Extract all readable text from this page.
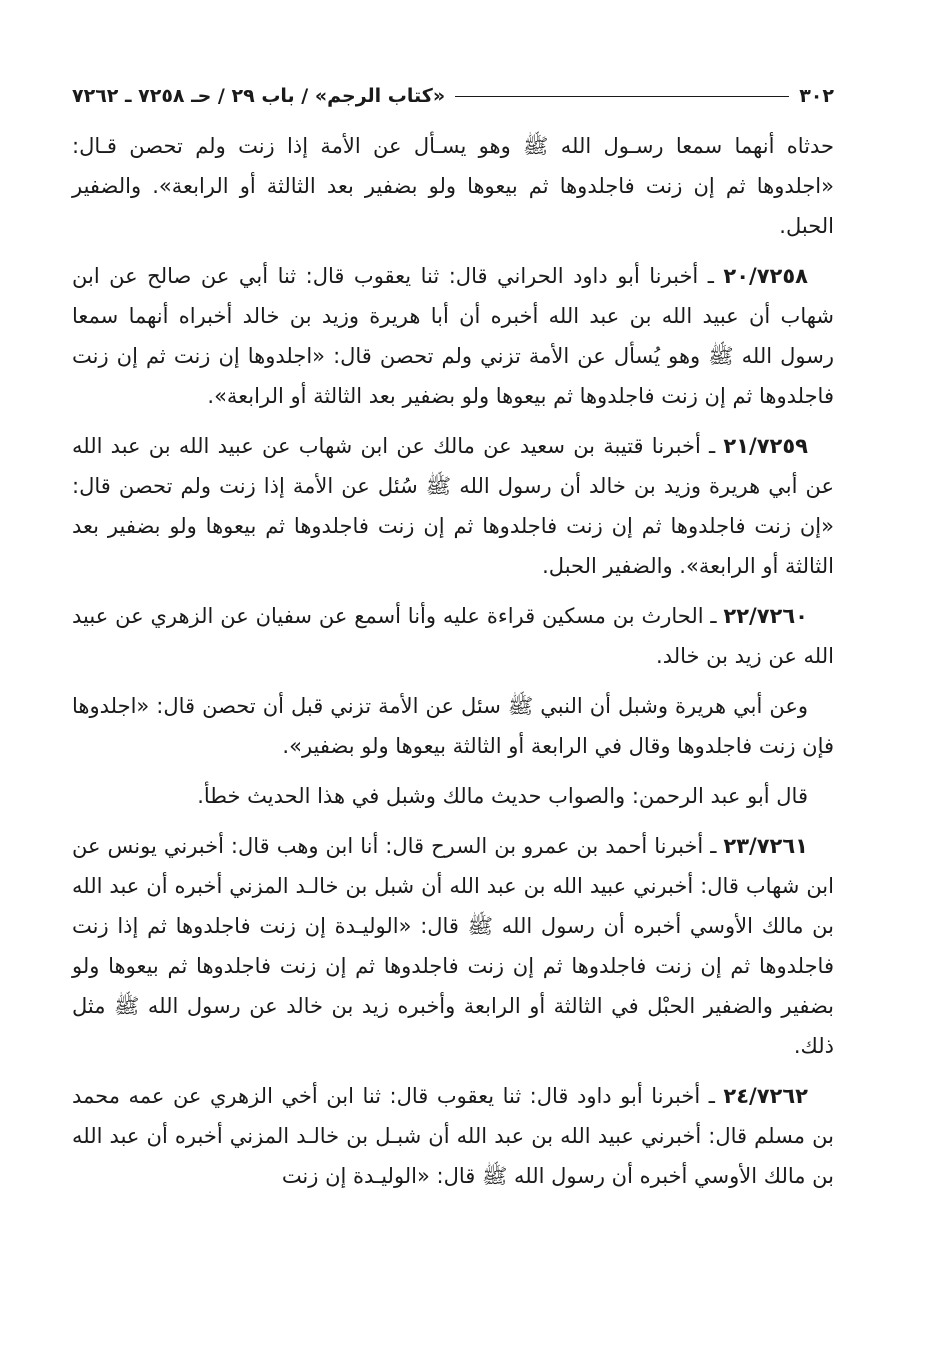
٣٠٢
«كتاب الرجم» / باب ٢٩ / حـ ٧٢٥٨ ـ ٧٢٦٢

حدثاه أنهما سمعا رسـول الله ﷺ وهو يسـأل عن الأمة إذا زنت ولم تحصن قـال: «اجلدوها ثم إن زنت فاجلدوها ثم بيعوها ولو بضفير بعد الثالثة أو الرابعة». والضفير الحبل.

٢٠/٧٢٥٨ ـ أخبرنا أبو داود الحراني قال: ثنا يعقوب قال: ثنا أبي عن صالح عن ابن شهاب أن عبيد الله بن عبد الله أخبره أن أبا هريرة وزيد بن خالد أخبراه أنهما سمعا رسول الله ﷺ وهو يُسأل عن الأمة تزني ولم تحصن قال: «اجلدوها إن زنت ثم إن زنت فاجلدوها ثم إن زنت فاجلدوها ثم بيعوها ولو بضفير بعد الثالثة أو الرابعة».

٢١/٧٢٥٩ ـ أخبرنا قتيبة بن سعيد عن مالك عن ابن شهاب عن عبيد الله بن عبد الله عن أبي هريرة وزيد بن خالد أن رسول الله ﷺ سُئل عن الأمة إذا زنت ولم تحصن قال: «إن زنت فاجلدوها ثم إن زنت فاجلدوها ثم إن زنت فاجلدوها ثم بيعوها ولو بضفير بعد الثالثة أو الرابعة». والضفير الحبل.

٢٢/٧٢٦٠ ـ الحارث بن مسكين قراءة عليه وأنا أسمع عن سفيان عن الزهري عن عبيد الله عن زيد بن خالد.

وعن أبي هريرة وشبل أن النبي ﷺ سئل عن الأمة تزني قبل أن تحصن قال: «اجلدوها فإن زنت فاجلدوها وقال في الرابعة أو الثالثة بيعوها ولو بضفير».

قال أبو عبد الرحمن: والصواب حديث مالك وشبل في هذا الحديث خطأ.

٢٣/٧٢٦١ ـ أخبرنا أحمد بن عمرو بن السرح قال: أنا ابن وهب قال: أخبرني يونس عن ابن شهاب قال: أخبرني عبيد الله بن عبد الله أن شبل بن خالـد المزني أخبره أن عبد الله بن مالك الأوسي أخبره أن رسول الله ﷺ قال: «الوليـدة إن زنت فاجلدوها ثم إذا زنت فاجلدوها ثم إن زنت فاجلدوها ثم إن زنت فاجلدوها ثم إن زنت فاجلدوها ثم بيعوها ولو بضفير والضفير الحبْل في الثالثة أو الرابعة وأخبره زيد بن خالد عن رسول الله ﷺ مثل ذلك.

٢٤/٧٢٦٢ ـ أخبرنا أبو داود قال: ثنا يعقوب قال: ثنا ابن أخي الزهري عن عمه محمد بن مسلم قال: أخبرني عبيد الله بن عبد الله أن شبـل بن خالـد المزني أخبره أن عبد الله بن مالك الأوسي أخبره أن رسول الله ﷺ قال: «الوليـدة إن زنت
